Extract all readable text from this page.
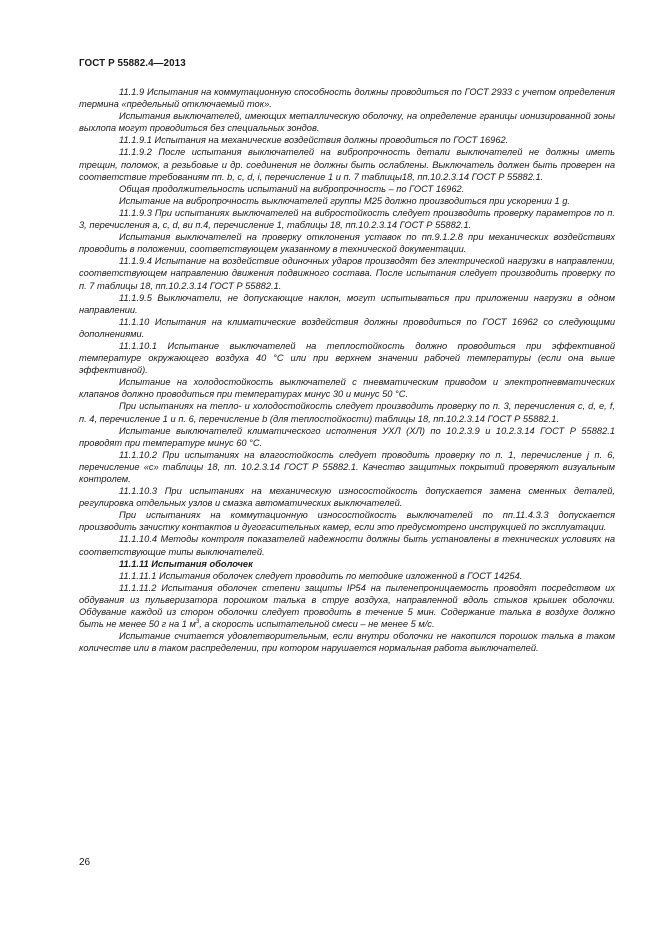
ГОСТ Р 55882.4—2013

11.1.9 Испытания на коммутационную способность должны проводиться по ГОСТ 2933 с учетом определения термина «предельный отключаемый ток».

Испытания выключателей, имеющих металлическую оболочку, на определение границы ионизированной зоны выхлопа могут проводиться без специальных зондов.

11.1.9.1 Испытания на механические воздействия должны проводиться по ГОСТ 16962.

11.1.9.2 После испытания выключателей на вибропрочность детали выключателей не должны иметь трещин, поломок, а резьбовые и др. соединения не должны быть ослаблены. Выключатель должен быть проверен на соответствие требованиям пп. b, c, d, i, перечисление 1 и п. 7 таблицы18, пп.10.2.3.14 ГОСТ Р 55882.1.

Общая продолжительность испытаний на вибропрочность – по ГОСТ 16962.

Испытание на вибропрочность выключателей группы М25 должно производиться при ускорении 1 g.

11.1.9.3 При испытаниях выключателей на вибростойкость следует производить проверку параметров по п. 3, перечисления a, c, d, ви п.4, перечисление 1, таблицы 18, пп.10.2.3.14 ГОСТ Р 55882.1.

Испытания выключателей на проверку отклонения уставок по пп.9.1.2.8 при механических воздействиях проводить в положении, соответствующем указанному в технической документации.

11.1.9.4 Испытание на воздействие одиночных ударов производят без электрической нагрузки в направлении, соответствующем направлению движения подвижного состава. После испытания следует производить проверку по п. 7 таблицы 18, пп.10.2.3.14 ГОСТ Р 55882.1.

11.1.9.5 Выключатели, не допускающие наклон, могут испытываться при приложении нагрузки в одном направлении.

11.1.10 Испытания на климатические воздействия должны проводиться по ГОСТ 16962 со следующими дополнениями.

11.1.10.1 Испытание выключателей на теплостойкость должно проводиться при эффективной температуре окружающего воздуха 40 °С или при верхнем значении рабочей температуры (если она выше эффективной).

Испытание на холодостойкость выключателей с пневматическим приводом и электропневматических клапанов должно проводиться при температурах минус 30 и минус 50 °С.

При испытаниях на тепло- и холодостойкость следует производить проверку по п. 3, перечисления c, d, e, f, п. 4, перечисление 1 и п. 6, перечисление b (для теплостойкости) таблицы 18, пп.10.2.3.14 ГОСТ Р 55882.1.

Испытание выключателей климатического исполнения УХЛ (ХЛ) по 10.2.3.9 и 10.2.3.14 ГОСТ Р 55882.1 проводят при температуре минус 60 °С.

11.1.10.2 При испытаниях на влагостойкость следует проводить проверку по п. 1, перечисление j п. 6, перечисление «с» таблицы 18, пп. 10.2.3.14 ГОСТ Р 55882.1. Качество защитных покрытий проверяют визуальным контролем.

11.1.10.3 При испытаниях на механическую износостойкость допускается замена сменных деталей, регулировка отдельных узлов и смазка автоматических выключателей.

При испытаниях на коммутационную износостойкость выключателей по пп.11.4.3.3 допускается производить зачистку контактов и дугогасительных камер, если это предусмотрено инструкцией по эксплуатации.

11.1.10.4 Методы контроля показателей надежности должны быть установлены в технических условиях на соответствующие типы выключателей.

11.1.11 Испытания оболочек

11.1.11.1 Испытания оболочек следует проводить по методике изложенной в ГОСТ 14254.

11.1.11.2 Испытания оболочек степени защиты IP54 на пыленепроницаемость проводят посредством их обдувания из пульверизатора порошком талька в струе воздуха, направленной вдоль стыков крышек оболочки. Обдувание каждой из сторон оболочки следует проводить в течение 5 мин. Содержание талька в воздухе должно быть не менее 50 г на 1 $м^3$, а скорость испытательной смеси – не менее 5 м/с.

Испытание считается удовлетворительным, если внутри оболочки не накопился порошок талька в таком количестве или в таком распределении, при котором нарушается нормальная работа выключателей.

26
